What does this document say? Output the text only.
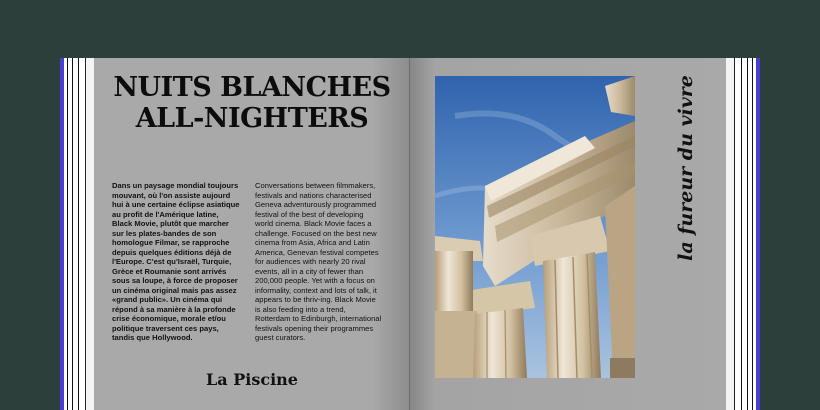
NUITS BLANCHES
ALL-NIGHTERS
Dans un paysage mondial toujours mouvant, où l'on assiste aujourd hui à une certaine éclipse asiatique au profit de l'Amérique latine, Black Movie, plutôt que marcher sur les plates-bandes de son homologue Filmar, se rapproche depuis quelques éditions déjà de l'Europe. C'est qu'Israël, Turquie, Grèce et Roumanie sont arrivés sous sa loupe, à force de proposer un cinéma original mais pas assez «grand public». Un cinéma qui répond à sa manière à la profonde crise économique, morale et/ou politique traversent ces pays, tandis que Hollywood.
Conversations between filmmakers, festivals and nations characterised Geneva adventurously programmed festival of the best of developing world cinema. Black Movie faces a challenge. Focused on the best new cinema from Asia, Africa and Latin America, Genevan festival competes for audiences with nearly 20 rival events, all in a city of fewer than 200,000 people. Yet with a focus on informality, context and lots of talk, it appears to be thriv-ing. Black Movie is also feeding into a trend, Rotterdam to Edinburgh, international festivals opening their programmes guest curators.
La Piscine
la fureur du vivre
